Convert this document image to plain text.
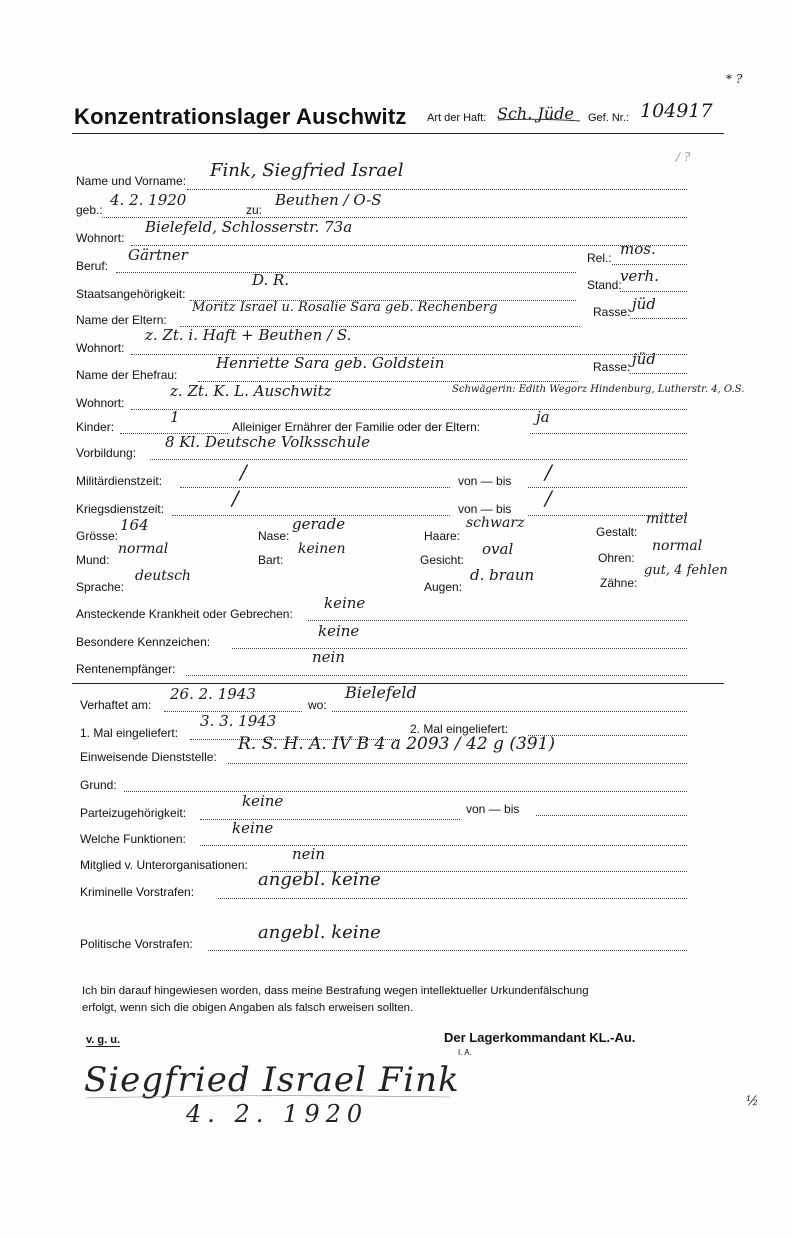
Konzentrationslager Auschwitz Art der Haft: Sch. Jüde Gef. Nr.: 104917
* ?
/ ?
Name und Vorname: Fink, Siegfried Israel
geb.:
4. 2. 1920
zu:
Beuthen / O-S
Wohnort:
Bielefeld, Schlosserstr. 73a
Beruf:
Gärtner	Rel.: mos.
Staatsangehörigkeit:
D. R.	Stand:
verh.
Name der Eltern:
Moritz Israel u. Rosalie Sara geb. Rechenberg	Rasse: jüd
Wohnort:
z. Zt. i. Haft + Beuthen / S.
Name der Ehefrau:
Henriette Sara geb. Goldstein	Rasse: jüd
Wohnort:
z. Zt. K. L. Auschwitz	Schwägerin: Edith Wegorz Hindenburg, Lutherstr. 4, O.S.
Kinder:
1
Alleiniger Ernährer der Familie oder der Eltern:
ja
Vorbildung:
8 Kl. Deutsche Volksschule
Militärdienstzeit:	/	von — bis /
Kriegsdienstzeit:	/	von — bis /
Grösse:
164
Nase:
gerade
Haare:
schwarz
Gestalt:
mittel
Mund:
normal
Bart:
keinen
Gesicht:
oval	Ohren:
normal
Sprache:
deutsch
Augen:
d. braun	Zähne:
gut, 4 fehlen
Ansteckende Krankheit oder Gebrechen:
keine
Besondere Kennzeichen:
keine
Rentenempfänger:
nein
Verhaftet am:
26. 2. 1943
wo:
Bielefeld
1. Mal eingeliefert:
3. 3. 1943	2. Mal eingeliefert:
Einweisende Dienststelle:
R. S. H. A. IV B 4 a 2093 / 42 g (391)
Grund:
Parteizugehörigkeit:
keine	von — bis
Welche Funktionen:
keine
Mitglied v. Unterorganisationen:
nein
Kriminelle Vorstrafen:
angebl. keine
Politische Vorstrafen:
angebl. keine
Ich bin darauf hingewiesen worden, dass meine Bestrafung wegen intellektueller Urkundenfälschung
erfolgt, wenn sich die obigen Angaben als falsch erweisen sollten.
v. g. u.	Der Lagerkommandant KL.-Au.
I. A.
Siegfried Israel Fink
4. 2. 1920	½
